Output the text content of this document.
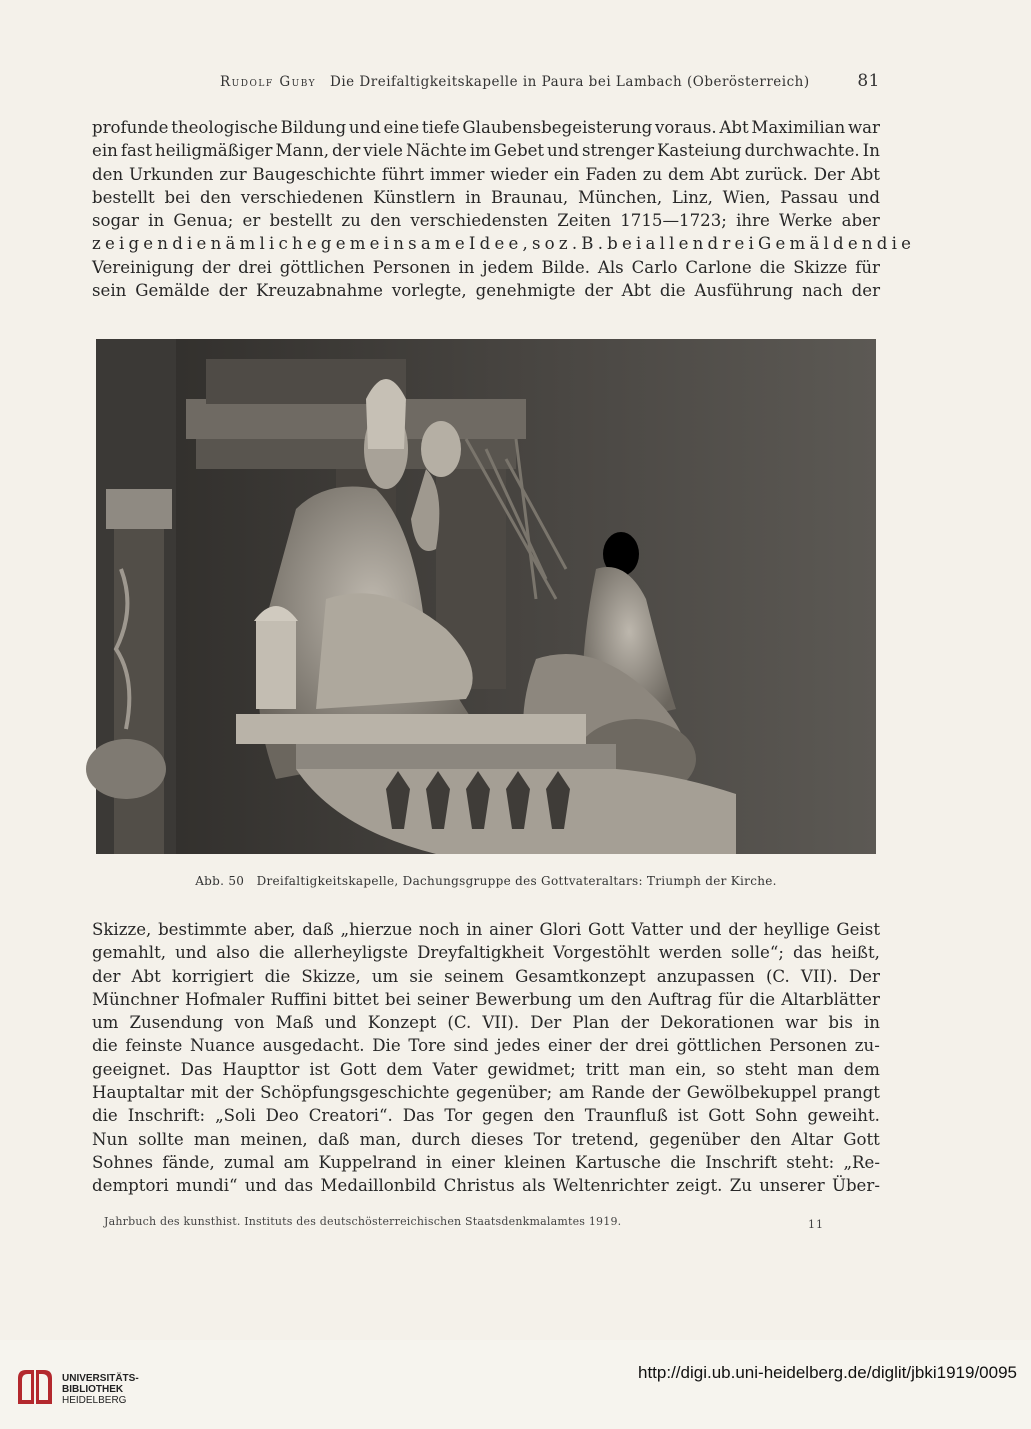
Rudolf Guby Die Dreifaltigkeitskapelle in Paura bei Lambach (Oberösterreich)	81
profunde theologische Bildung und eine tiefe Glaubensbegeisterung voraus. Abt Maximilian war
ein fast heiligmäßiger Mann, der viele Nächte im Gebet und strenger Kasteiung durchwachte. In
den Urkunden zur Baugeschichte führt immer wieder ein Faden zu dem Abt zurück. Der Abt
bestellt bei den verschiedenen Künstlern in Braunau, München, Linz, Wien, Passau und
sogar in Genua; er bestellt zu den verschiedensten Zeiten 1715—1723; ihre Werke aber
zeigen die nämliche gemeinsame Idee, so z. B. bei allen drei Gemälden die
Vereinigung der drei göttlichen Personen in jedem Bilde. Als Carlo Carlone die Skizze für
sein Gemälde der Kreuzabnahme vorlegte, genehmigte der Abt die Ausführung nach der
Abb. 50   Dreifaltigkeitskapelle, Dachungsgruppe des Gottvateraltars: Triumph der Kirche.
Skizze, bestimmte aber, daß „hierzue noch in ainer Glori Gott Vatter und der heyllige Geist
gemahlt, und also die allerheyligste Dreyfaltigkheit Vorgestöhlt werden solle“; das heißt,
der Abt korrigiert die Skizze, um sie seinem Gesamtkonzept anzupassen (C. VII). Der
Münchner Hofmaler Ruffini bittet bei seiner Bewerbung um den Auftrag für die Altarblätter
um Zusendung von Maß und Konzept (C. VII). Der Plan der Dekorationen war bis in
die feinste Nuance ausgedacht. Die Tore sind jedes einer der drei göttlichen Personen zu-
geeignet. Das Haupttor ist Gott dem Vater gewidmet; tritt man ein, so steht man dem
Hauptaltar mit der Schöpfungsgeschichte gegenüber; am Rande der Gewölbekuppel prangt
die Inschrift: „Soli Deo Creatori“. Das Tor gegen den Traunfluß ist Gott Sohn geweiht.
Nun sollte man meinen, daß man, durch dieses Tor tretend, gegenüber den Altar Gott
Sohnes fände, zumal am Kuppelrand in einer kleinen Kartusche die Inschrift steht: „Re-
demptori mundi“ und das Medaillonbild Christus als Weltenrichter zeigt. Zu unserer Über-
Jahrbuch des kunsthist. Instituts des deutschösterreichischen Staatsdenkmalamtes 1919.	11
UNIVERSITÄTS-
BIBLIOTHEK
HEIDELBERG
http://digi.ub.uni-heidelberg.de/diglit/jbki1919/0095
